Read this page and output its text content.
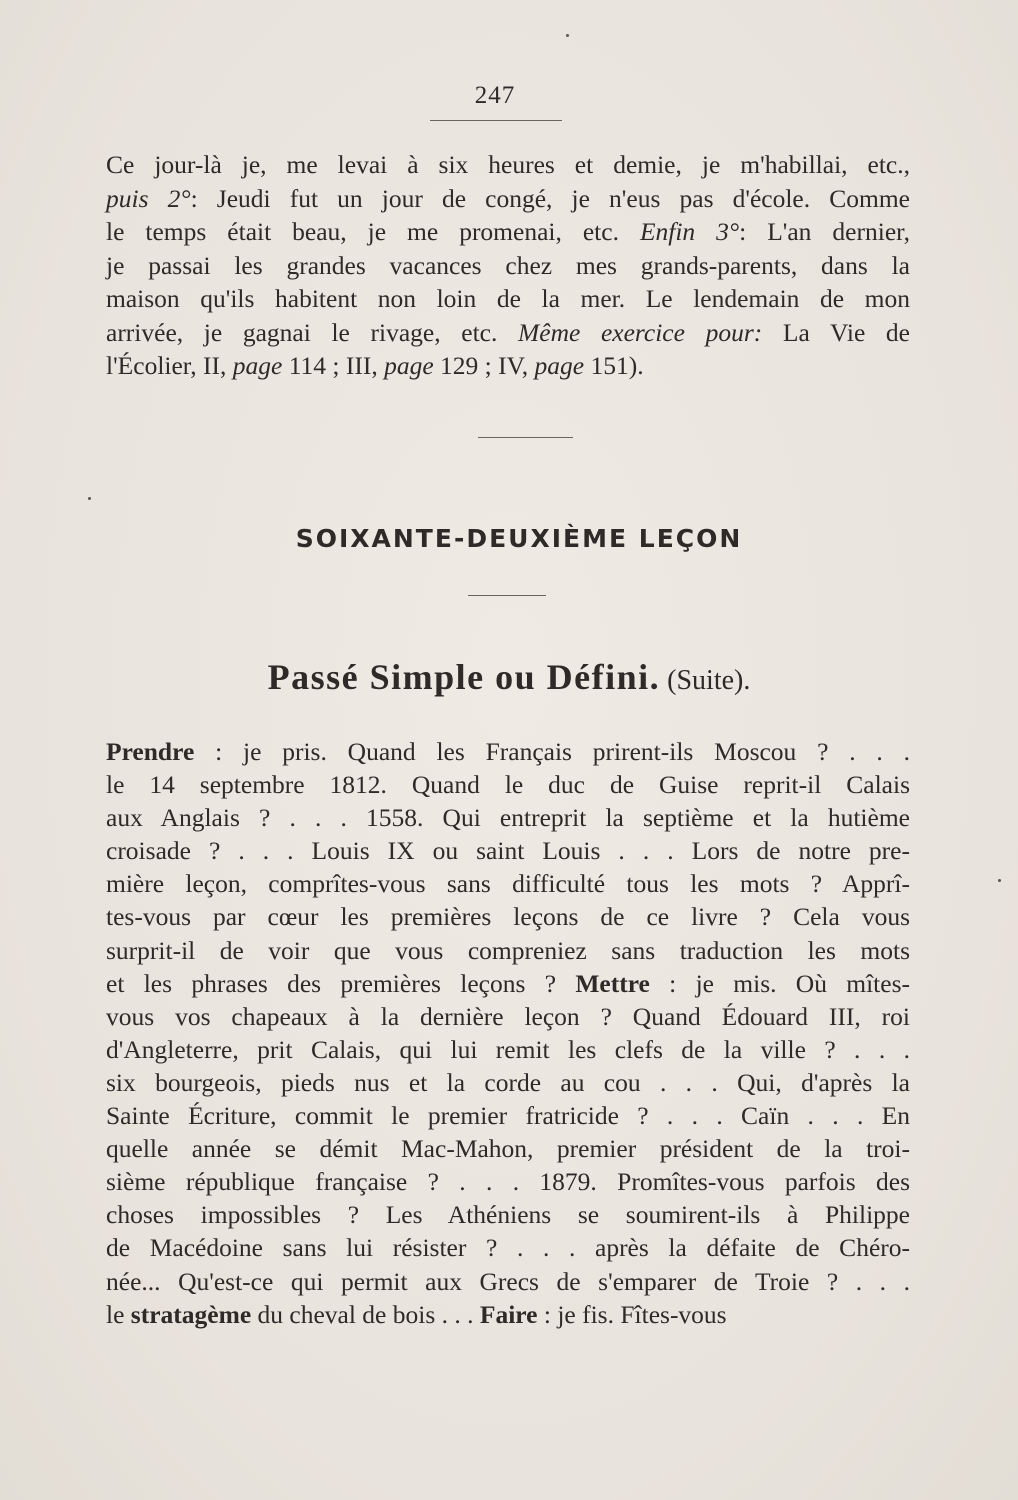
247
Ce jour-là je, me levai à six heures et demie, je m'habillai, etc.,
puis 2°: Jeudi fut un jour de congé, je n'eus pas d'école. Comme
le temps était beau, je me promenai, etc. Enfin 3°: L'an dernier,
je passai les grandes vacances chez mes grands-parents, dans la
maison qu'ils habitent non loin de la mer. Le lendemain de mon
arrivée, je gagnai le rivage, etc. Même exercice pour: La Vie de
l'Écolier, II, page 114 ; III, page 129 ; IV, page 151).
SOIXANTE-DEUXIÈME LEÇON
Passé Simple ou Défini. (Suite).
Prendre : je pris. Quand les Français prirent-ils Moscou ? . . .
le 14 septembre 1812. Quand le duc de Guise reprit-il Calais
aux Anglais ? . . . 1558. Qui entreprit la septième et la hutième
croisade ? . . . Louis IX ou saint Louis . . . Lors de notre pre-
mière leçon, comprîtes-vous sans difficulté tous les mots ? Apprî-
tes-vous par cœur les premières leçons de ce livre ? Cela vous
surprit-il de voir que vous compreniez sans traduction les mots
et les phrases des premières leçons ? Mettre : je mis. Où mîtes-
vous vos chapeaux à la dernière leçon ? Quand Édouard III, roi
d'Angleterre, prit Calais, qui lui remit les clefs de la ville ? . . .
six bourgeois, pieds nus et la corde au cou . . . Qui, d'après la
Sainte Écriture, commit le premier fratricide ? . . . Caïn . . . En
quelle année se démit Mac-Mahon, premier président de la troi-
sième république française ? . . . 1879. Promîtes-vous parfois des
choses impossibles ? Les Athéniens se soumirent-ils à Philippe
de Macédoine sans lui résister ? . . . après la défaite de Chéro-
née... Qu'est-ce qui permit aux Grecs de s'emparer de Troie ? . . .
le stratagème du cheval de bois . . . Faire : je fis. Fîtes-vous
